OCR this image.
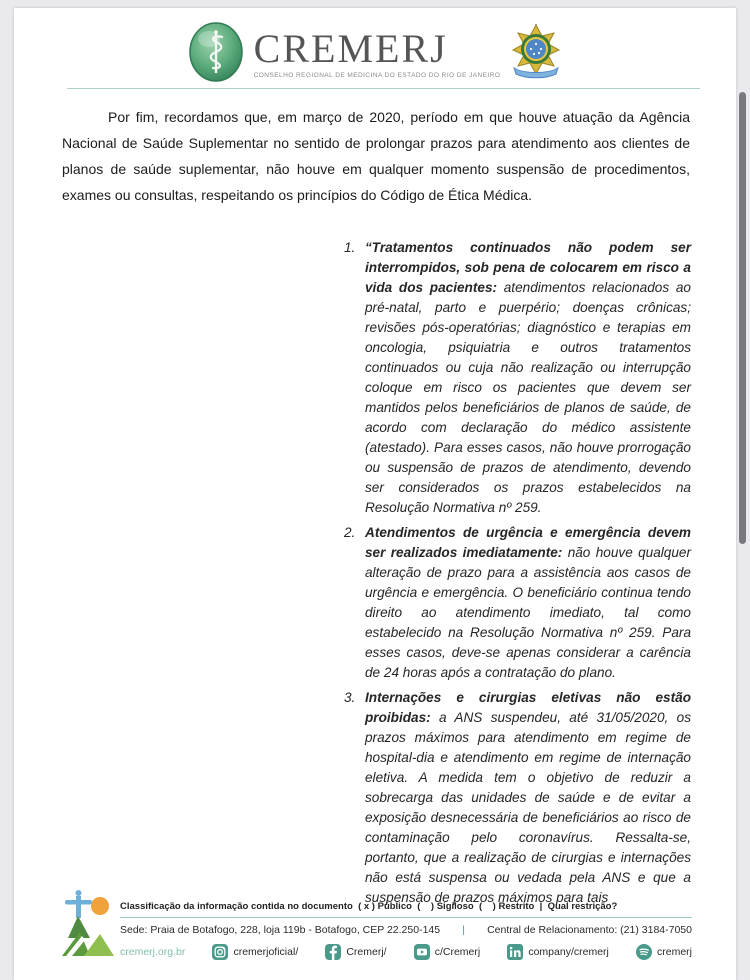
CREMERJ
CONSELHO REGIONAL DE MEDICINA DO ESTADO DO RIO DE JANEIRO

Por fim, recordamos que, em março de 2020, período em que houve atuação da Agência Nacional de Saúde Suplementar no sentido de prolongar prazos para atendimento aos clientes de planos de saúde suplementar, não houve em qualquer momento suspensão de procedimentos, exames ou consultas, respeitando os princípios do Código de Ética Médica.

1. “Tratamentos continuados não podem ser interrompidos, sob pena de colocarem em risco a vida dos pacientes: atendimentos relacionados ao pré-natal, parto e puerpério; doenças crônicas; revisões pós-operatórias; diagnóstico e terapias em oncologia, psiquiatria e outros tratamentos continuados ou cuja não realização ou interrupção coloque em risco os pacientes que devem ser mantidos pelos beneficiários de planos de saúde, de acordo com declaração do médico assistente (atestado). Para esses casos, não houve prorrogação ou suspensão de prazos de atendimento, devendo ser considerados os prazos estabelecidos na Resolução Normativa nº 259.
2. Atendimentos de urgência e emergência devem ser realizados imediatamente: não houve qualquer alteração de prazo para a assistência aos casos de urgência e emergência. O beneficiário continua tendo direito ao atendimento imediato, tal como estabelecido na Resolução Normativa nº 259. Para esses casos, deve-se apenas considerar a carência de 24 horas após a contratação do plano.
3. Internações e cirurgias eletivas não estão proibidas: a ANS suspendeu, até 31/05/2020, os prazos máximos para atendimento em regime de hospital-dia e atendimento em regime de internação eletiva. A medida tem o objetivo de reduzir a sobrecarga das unidades de saúde e de evitar a exposição desnecessária de beneficiários ao risco de contaminação pelo coronavírus. Ressalta-se, portanto, que a realização de cirurgias e internações não está suspensa ou vedada pela ANS e que a suspensão de prazos máximos para tais
Classificação da informação contida no documento  ( x ) Público  (    ) Sigiloso  (    ) Restrito  |  Qual restrição?
Sede: Praia de Botafogo, 228, loja 119b - Botafogo, CEP 22.250-145 | Central de Relacionamento: (21) 3184-7050
cremerj.org.br	cremerjoficial/	Cremerj/	c/Cremerj	company/cremerj	cremerj
